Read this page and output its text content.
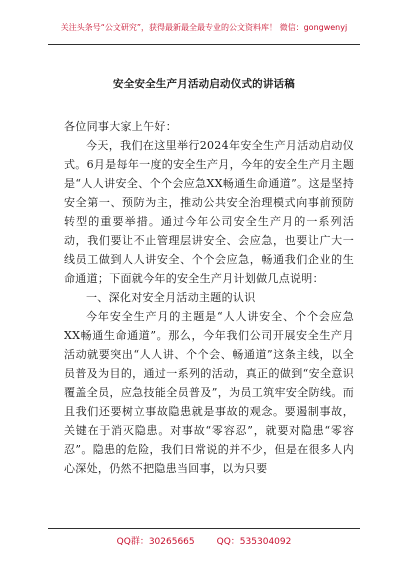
关注头条号“公文研究”，获得最新最全最专业的公文资料库！ 微信：gongwenyj
安全安全生产月活动启动仪式的讲话稿

各位同事大家上午好：

今天，我们在这里举行2024年安全生产月活动启动仪式。6月是每年一度的安全生产月，今年的安全生产月主题是“人人讲安全、个个会应急XX畅通生命通道”。这是坚持安全第一、预防为主，推动公共安全治理模式向事前预防转型的重要举措。通过今年公司安全生产月的一系列活动，我们要让不止管理层讲安全、会应急，也要让广大一线员工做到人人讲安全、个个会应急，畅通我们企业的生命通道；下面就今年的安全生产月计划做几点说明：

一、深化对安全月活动主题的认识

今年安全生产月的主题是“人人讲安全、个个会应急XX畅通生命通道”。那么，今年我们公司开展安全生产月活动就要突出“人人讲、个个会、畅通道”这条主线，以全员普及为目的，通过一系列的活动，真正的做到“安全意识覆盖全员，应急技能全员普及”，为员工筑牢安全防线。而且我们还要树立事故隐患就是事故的观念。要遏制事故，关键在于消灭隐患。对事故“零容忍”，就要对隐患“零容忍”。隐患的危险，我们日常说的并不少，但是在很多人内心深处，仍然不把隐患当回事，以为只要

QQ群：30265665 QQ：535304092
